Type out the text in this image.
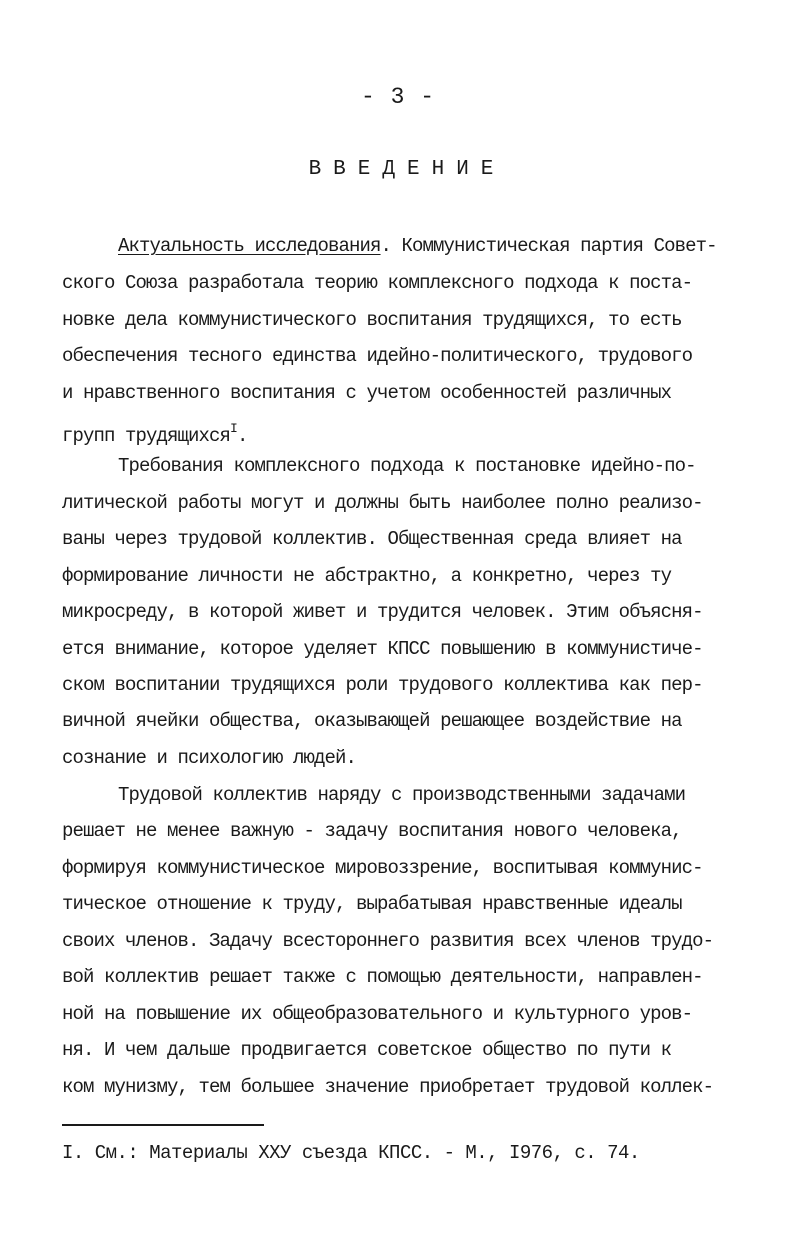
- 3 -
ВВЕДЕНИЕ
Актуальность исследования. Коммунистическая партия Совет-
ского Союза разработала теорию комплексного подхода к поста-
новке дела коммунистического воспитания трудящихся, то есть
обеспечения тесного единства идейно-политического, трудового
и нравственного воспитания с учетом особенностей различных
групп трудящихся$^I$.
Требования комплексного подхода к постановке идейно-по-
литической работы могут и должны быть наиболее полно реализо-
ваны через трудовой коллектив. Общественная среда влияет на
формирование личности не абстрактно, а конкретно, через ту
микросреду, в которой живет и трудится человек. Этим объясня-
ется внимание, которое уделяет КПСС повышению в коммунистиче-
ском воспитании трудящихся роли трудового коллектива как пер-
вичной ячейки общества, оказывающей решающее воздействие на
сознание и психологию людей.
Трудовой коллектив наряду с производственными задачами
решает не менее важную - задачу воспитания нового человека,
формируя коммунистическое мировоззрение, воспитывая коммунис-
тическое отношение к труду, вырабатывая нравственные идеалы
своих членов. Задачу всестороннего развития всех членов трудо-
вой коллектив решает также с помощью деятельности, направлен-
ной на повышение их общеобразовательного и культурного уров-
ня. И чем дальше продвигается советское общество по пути к
ком мунизму, тем большее значение приобретает трудовой коллек-
I. См.: Материалы XXУ съезда КПСС. - М., I976, с. 74.
